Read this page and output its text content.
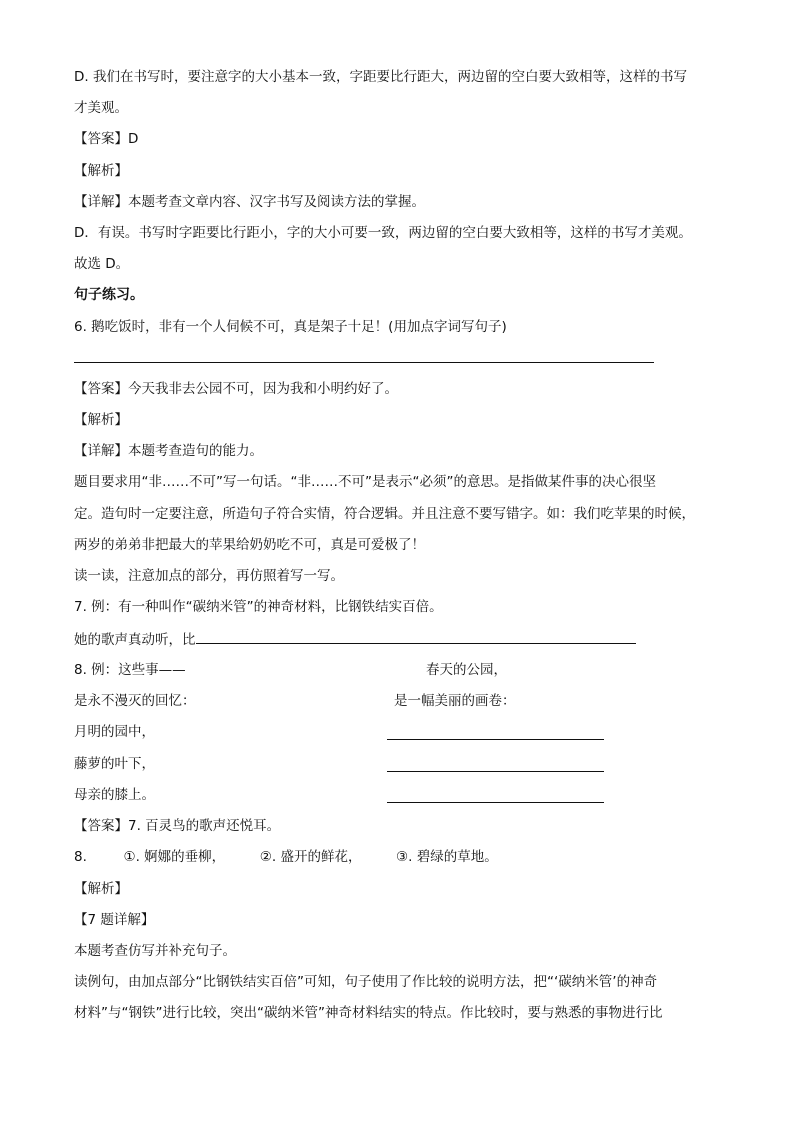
D. 我们在书写时，要注意字的大小基本一致，字距要比行距大，两边留的空白要大致相等，这样的书写
才美观。
【答案】D
【解析】
【详解】本题考查文章内容、汉字书写及阅读方法的掌握。
D．有误。书写时字距要比行距小，字的大小可要一致，两边留的空白要大致相等，这样的书写才美观。
故选 D。
句子练习。
6. 鹅吃饭时，非有一个人伺候不可，真是架子十足！(用加点字词写句子)
【答案】今天我非去公园不可，因为我和小明约好了。
【解析】
【详解】本题考查造句的能力。
题目要求用“非……不可”写一句话。“非……不可”是表示“必须”的意思。是指做某件事的决心很坚
定。造句时一定要注意，所造句子符合实情，符合逻辑。并且注意不要写错字。如：我们吃苹果的时候，
两岁的弟弟非把最大的苹果给奶奶吃不可，真是可爱极了！
读一读，注意加点的部分，再仿照着写一写。
7. 例：有一种叫作“碳纳米管”的神奇材料，比钢铁结实百倍。
她的歌声真动听，比
8. 例：这些事——	春天的公园，
是永不漫灭的回忆：	是一幅美丽的画卷：
月明的园中，
藤萝的叶下，
母亲的膝上。
【答案】7. 百灵鸟的歌声还悦耳。
8.	①. 婀娜的垂柳，	②. 盛开的鲜花，	③. 碧绿的草地。
【解析】
【7 题详解】
本题考查仿写并补充句子。
读例句，由加点部分“比钢铁结实百倍”可知，句子使用了作比较的说明方法，把“‘碳纳米管’的神奇
材料”与“钢铁”进行比较，突出“碳纳米管”神奇材料结实的特点。作比较时，要与熟悉的事物进行比
